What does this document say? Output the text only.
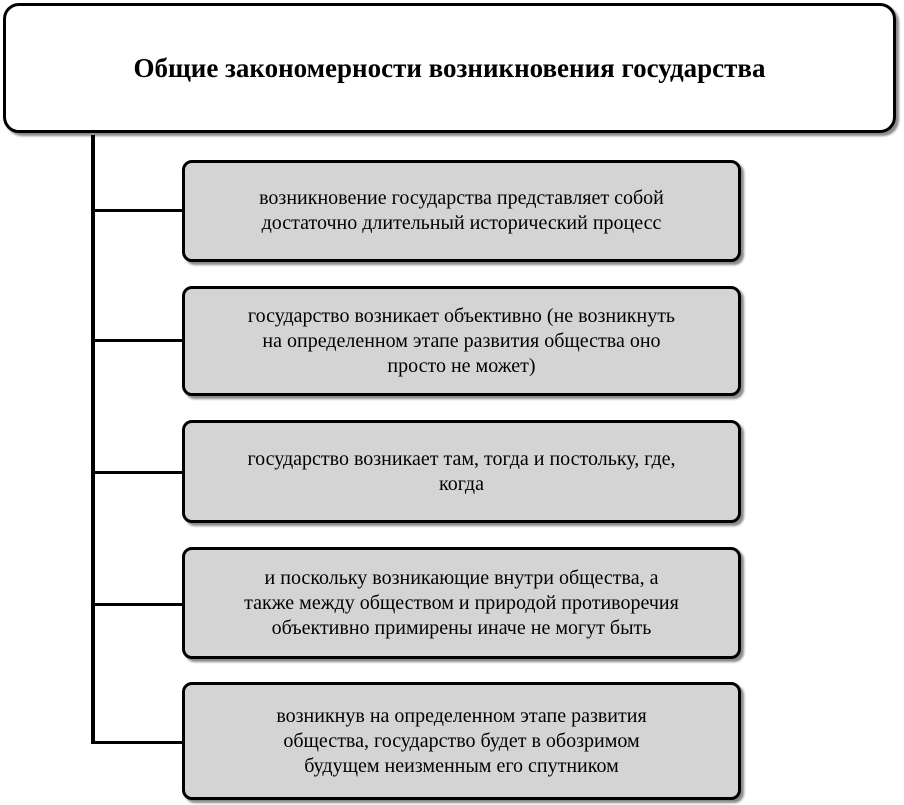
Общие закономерности возникновения государства
возникновение государства представляет собой
достаточно длительный исторический процесс
государство возникает объективно (не возникнуть
на определенном этапе развития общества оно
просто не может)
государство возникает там, тогда и постольку, где,
когда
и поскольку возникающие внутри общества, а
также между обществом и природой противоречия
объективно примирены иначе не могут быть
возникнув на определенном этапе развития
общества, государство будет в обозримом
будущем неизменным его спутником
